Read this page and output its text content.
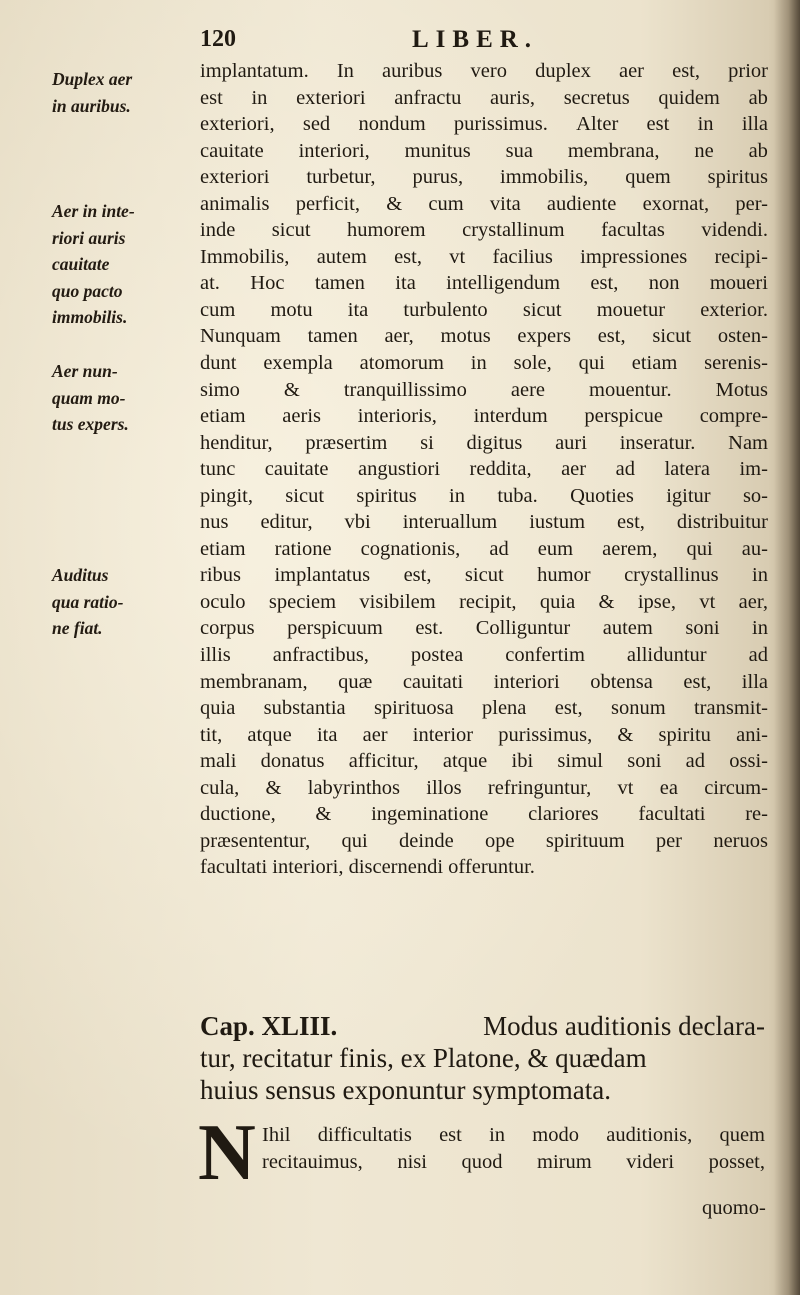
120	LIBER.
Duplex aer
in auribus.
Aer in inte-
riori auris
cauitate
quo pacto
immobilis.
Aer nun-
quam mo-
tus expers.
Auditus
qua ratio-
ne fiat.
implantatum. In auribus vero duplex aer est, prior
est in exteriori anfractu auris, secretus quidem ab
exteriori, sed nondum purissimus. Alter est in illa
cauitate interiori, munitus sua membrana, ne ab
exteriori turbetur, purus, immobilis, quem spiritus
animalis perficit, & cum vita audiente exornat, per-
inde sicut humorem crystallinum facultas videndi.
Immobilis, autem est, vt facilius impressiones recipi-
at. Hoc tamen ita intelligendum est, non moueri
cum motu ita turbulento sicut mouetur exterior.
Nunquam tamen aer, motus expers est, sicut osten-
dunt exempla atomorum in sole, qui etiam serenis-
simo & tranquillissimo aere mouentur. Motus
etiam aeris interioris, interdum perspicue compre-
henditur, præsertim si digitus auri inseratur. Nam
tunc cauitate angustiori reddita, aer ad latera im-
pingit, sicut spiritus in tuba. Quoties igitur so-
nus editur, vbi interuallum iustum est, distribuitur
etiam ratione cognationis, ad eum aerem, qui au-
ribus implantatus est, sicut humor crystallinus in
oculo speciem visibilem recipit, quia & ipse, vt aer,
corpus perspicuum est. Colliguntur autem soni in
illis anfractibus, postea confertim alliduntur ad
membranam, quæ cauitati interiori obtensa est, illa
quia substantia spirituosa plena est, sonum transmit-
tit, atque ita aer interior purissimus, & spiritu ani-
mali donatus afficitur, atque ibi simul soni ad ossi-
cula, & labyrinthos illos refringuntur, vt ea circum-
ductione, & ingeminatione clariores facultati re-
præsententur, qui deinde ope spirituum per neruos
facultati interiori, discernendi offeruntur.
Cap. XLIII.	Modus auditionis declara-
tur, recitatur finis, ex Platone, & quædam
huius sensus exponuntur symptomata.
N Ihil difficultatis est in modo auditionis, quem
recitauimus, nisi quod mirum videri posset,
quomo-
